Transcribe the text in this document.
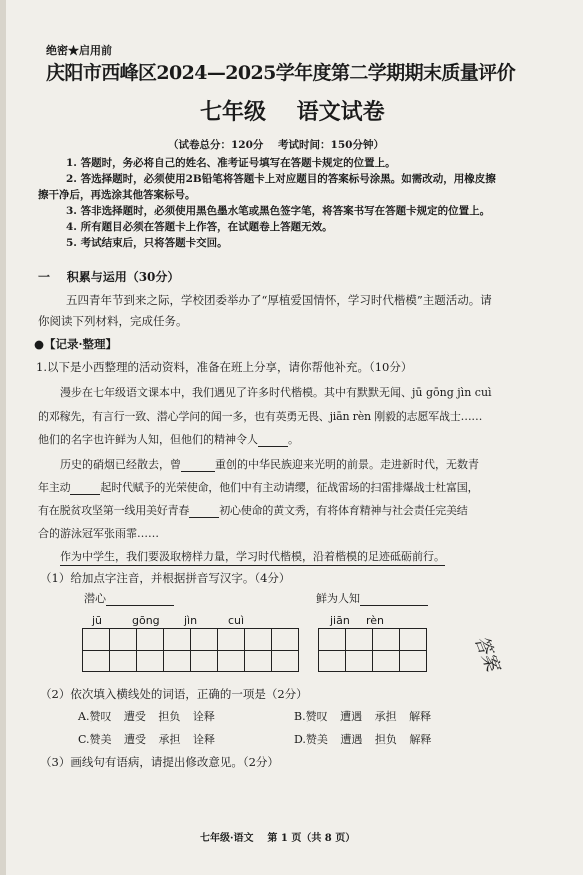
绝密★启用前
庆阳市西峰区2024—2025学年度第二学期期末质量评价
七年级    语文试卷
（试卷总分：120分    考试时间：150分钟）
1. 答题时，务必将自己的姓名、准考证号填写在答题卡规定的位置上。
2. 答选择题时，必须使用2B铅笔将答题卡上对应题目的答案标号涂黑。如需改动，用橡皮擦
擦干净后，再选涂其他答案标号。
3. 答非选择题时，必须使用黑色墨水笔或黑色签字笔，将答案书写在答题卡规定的位置上。
4. 所有题目必须在答题卡上作答，在试题卷上答题无效。
5. 考试结束后，只将答题卡交回。
一    积累与运用（30分）
五四青年节到来之际，学校团委举办了“厚植爱国情怀，学习时代楷模”主题活动。请
你阅读下列材料，完成任务。
●【记录·整理】
1.以下是小西整理的活动资料，准备在班上分享，请你帮他补充。（10分）
漫步在七年级语文课本中，我们遇见了许多时代楷模。其中有默默无闻、jū gōng jìn cuì
的邓稼先，有言行一致、潜心学问的闻一多，也有英勇无畏、jiān rèn 刚毅的志愿军战士……
他们的名字也许鲜为人知，但他们的精神令人	。
历史的硝烟已经散去，曾	重创的中华民族迎来光明的前景。走进新时代，无数青
年主动	起时代赋予的光荣使命，他们中有主动请缨，征战雷场的扫雷排爆战士杜富国，
有在脱贫攻坚第一线用美好青春	初心使命的黄文秀，有将体育精神与社会责任完美结
合的游泳冠军张雨霏……
作为中学生，我们要汲取榜样力量，学习时代楷模，沿着楷模的足迹砥砺前行。
（1）给加点字注音，并根据拼音写汉字。（4分）
潜心	鲜为人知
jū	gōng jìn	cuì	jiān rèn
答案
（2）依次填入横线处的词语，正确的一项是（2分）
A.赞叹 遭受 担负 诠释	B.赞叹 遭遇 承担 解释
C.赞美 遭受 承担 诠释	D.赞美 遭遇 担负 解释
（3）画线句有语病，请提出修改意见。（2分）
七年级·语文    第 1 页（共 8 页）
